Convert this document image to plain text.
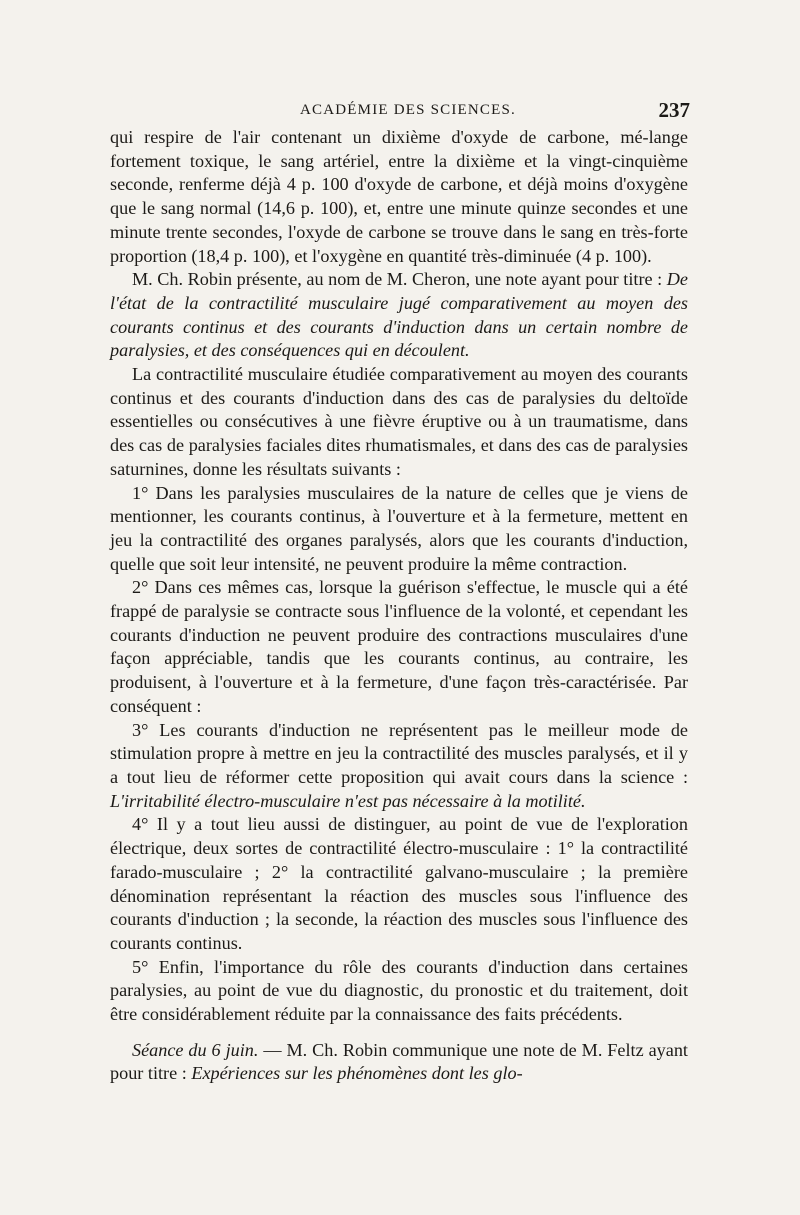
ACADÉMIE DES SCIENCES.	237

qui respire de l'air contenant un dixième d'oxyde de carbone, mé-lange fortement toxique, le sang artériel, entre la dixième et la vingt-cinquième seconde, renferme déjà 4 p. 100 d'oxyde de carbone, et déjà moins d'oxygène que le sang normal (14,6 p. 100), et, entre une minute quinze secondes et une minute trente secondes, l'oxyde de carbone se trouve dans le sang en très-forte proportion (18,4 p. 100), et l'oxygène en quantité très-diminuée (4 p. 100).

M. Ch. Robin présente, au nom de M. Cheron, une note ayant pour titre : De l'état de la contractilité musculaire jugé comparativement au moyen des courants continus et des courants d'induction dans un certain nombre de paralysies, et des conséquences qui en découlent.

La contractilité musculaire étudiée comparativement au moyen des courants continus et des courants d'induction dans des cas de paralysies du deltoïde essentielles ou consécutives à une fièvre éruptive ou à un traumatisme, dans des cas de paralysies faciales dites rhumatismales, et dans des cas de paralysies saturnines, donne les résultats suivants :

1° Dans les paralysies musculaires de la nature de celles que je viens de mentionner, les courants continus, à l'ouverture et à la fermeture, mettent en jeu la contractilité des organes paralysés, alors que les courants d'induction, quelle que soit leur intensité, ne peuvent produire la même contraction.

2° Dans ces mêmes cas, lorsque la guérison s'effectue, le muscle qui a été frappé de paralysie se contracte sous l'influence de la volonté, et cependant les courants d'induction ne peuvent produire des contractions musculaires d'une façon appréciable, tandis que les courants continus, au contraire, les produisent, à l'ouverture et à la fermeture, d'une façon très-caractérisée. Par conséquent :

3° Les courants d'induction ne représentent pas le meilleur mode de stimulation propre à mettre en jeu la contractilité des muscles paralysés, et il y a tout lieu de réformer cette proposition qui avait cours dans la science : L'irritabilité électro-musculaire n'est pas nécessaire à la motilité.

4° Il y a tout lieu aussi de distinguer, au point de vue de l'exploration électrique, deux sortes de contractilité électro-musculaire : 1° la contractilité farado-musculaire ; 2° la contractilité galvano-musculaire ; la première dénomination représentant la réaction des muscles sous l'influence des courants d'induction ; la seconde, la réaction des muscles sous l'influence des courants continus.

5° Enfin, l'importance du rôle des courants d'induction dans certaines paralysies, au point de vue du diagnostic, du pronostic et du traitement, doit être considérablement réduite par la connaissance des faits précédents.

Séance du 6 juin. — M. Ch. Robin communique une note de M. Feltz ayant pour titre : Expériences sur les phénomènes dont les glo-
